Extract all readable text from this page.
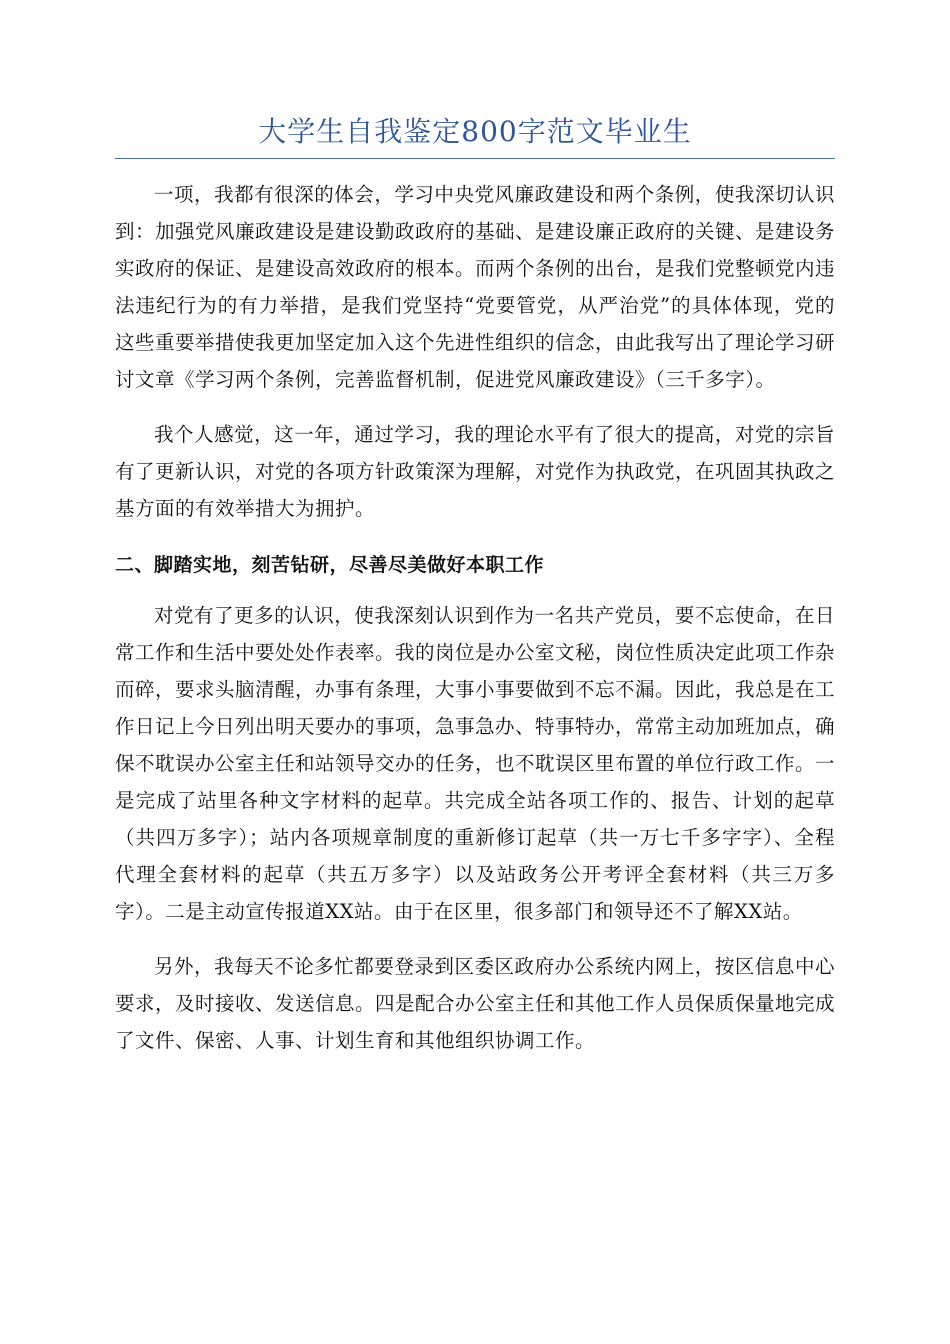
大学生自我鉴定800字范文毕业生

一项，我都有很深的体会，学习中央党风廉政建设和两个条例，使我深切认识到：加强党风廉政建设是建设勤政政府的基础、是建设廉正政府的关键、是建设务实政府的保证、是建设高效政府的根本。而两个条例的出台，是我们党整顿党内违法违纪行为的有力举措，是我们党坚持“党要管党，从严治党”的具体体现，党的这些重要举措使我更加坚定加入这个先进性组织的信念，由此我写出了理论学习研讨文章《学习两个条例，完善监督机制，促进党风廉政建设》（三千多字）。

我个人感觉，这一年，通过学习，我的理论水平有了很大的提高，对党的宗旨有了更新认识，对党的各项方针政策深为理解，对党作为执政党，在巩固其执政之基方面的有效举措大为拥护。

二、脚踏实地，刻苦钻研，尽善尽美做好本职工作

对党有了更多的认识，使我深刻认识到作为一名共产党员，要不忘使命，在日常工作和生活中要处处作表率。我的岗位是办公室文秘，岗位性质决定此项工作杂而碎，要求头脑清醒，办事有条理，大事小事要做到不忘不漏。因此，我总是在工作日记上今日列出明天要办的事项，急事急办、特事特办，常常主动加班加点，确保不耽误办公室主任和站领导交办的任务，也不耽误区里布置的单位行政工作。一是完成了站里各种文字材料的起草。共完成全站各项工作的、报告、计划的起草（共四万多字）；站内各项规章制度的重新修订起草（共一万七千多字字）、全程代理全套材料的起草（共五万多字）以及站政务公开考评全套材料（共三万多字）。二是主动宣传报道XX站。由于在区里，很多部门和领导还不了解XX站。

另外，我每天不论多忙都要登录到区委区政府办公系统内网上，按区信息中心要求，及时接收、发送信息。四是配合办公室主任和其他工作人员保质保量地完成了文件、保密、人事、计划生育和其他组织协调工作。
